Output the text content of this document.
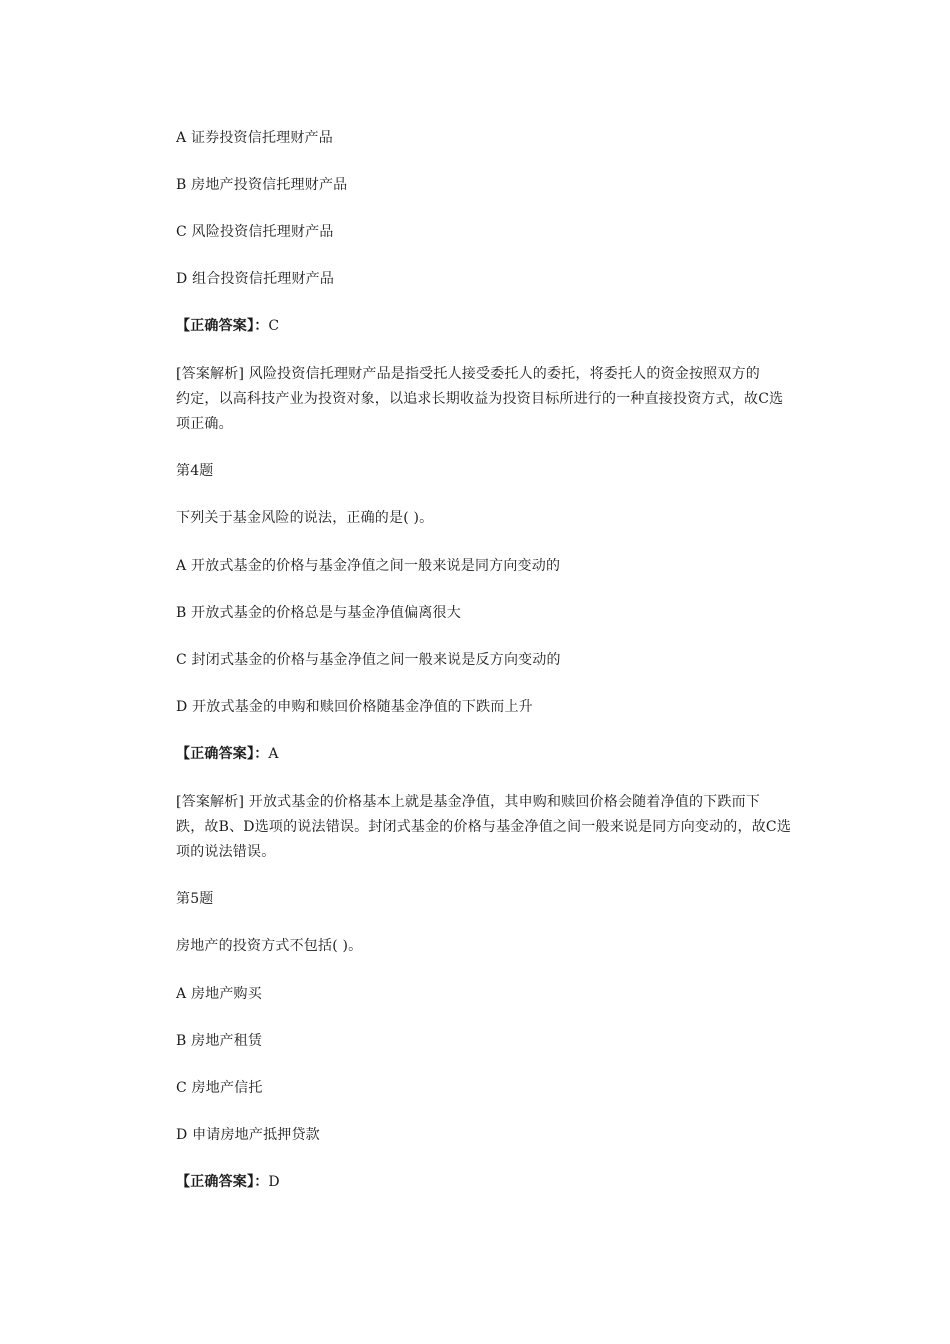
A 证券投资信托理财产品
B 房地产投资信托理财产品
C 风险投资信托理财产品
D 组合投资信托理财产品
【正确答案】：C
[答案解析] 风险投资信托理财产品是指受托人接受委托人的委托，将委托人的资金按照双方的
约定，以高科技产业为投资对象，以追求长期收益为投资目标所进行的一种直接投资方式，故C选
项正确。
第4题
下列关于基金风险的说法，正确的是( )。
A 开放式基金的价格与基金净值之间一般来说是同方向变动的
B 开放式基金的价格总是与基金净值偏离很大
C 封闭式基金的价格与基金净值之间一般来说是反方向变动的
D 开放式基金的申购和赎回价格随基金净值的下跌而上升
【正确答案】：A
[答案解析] 开放式基金的价格基本上就是基金净值，其申购和赎回价格会随着净值的下跌而下
跌，故B、D选项的说法错误。封闭式基金的价格与基金净值之间一般来说是同方向变动的，故C选
项的说法错误。
第5题
房地产的投资方式不包括( )。
A 房地产购买
B 房地产租赁
C 房地产信托
D 申请房地产抵押贷款
【正确答案】：D
